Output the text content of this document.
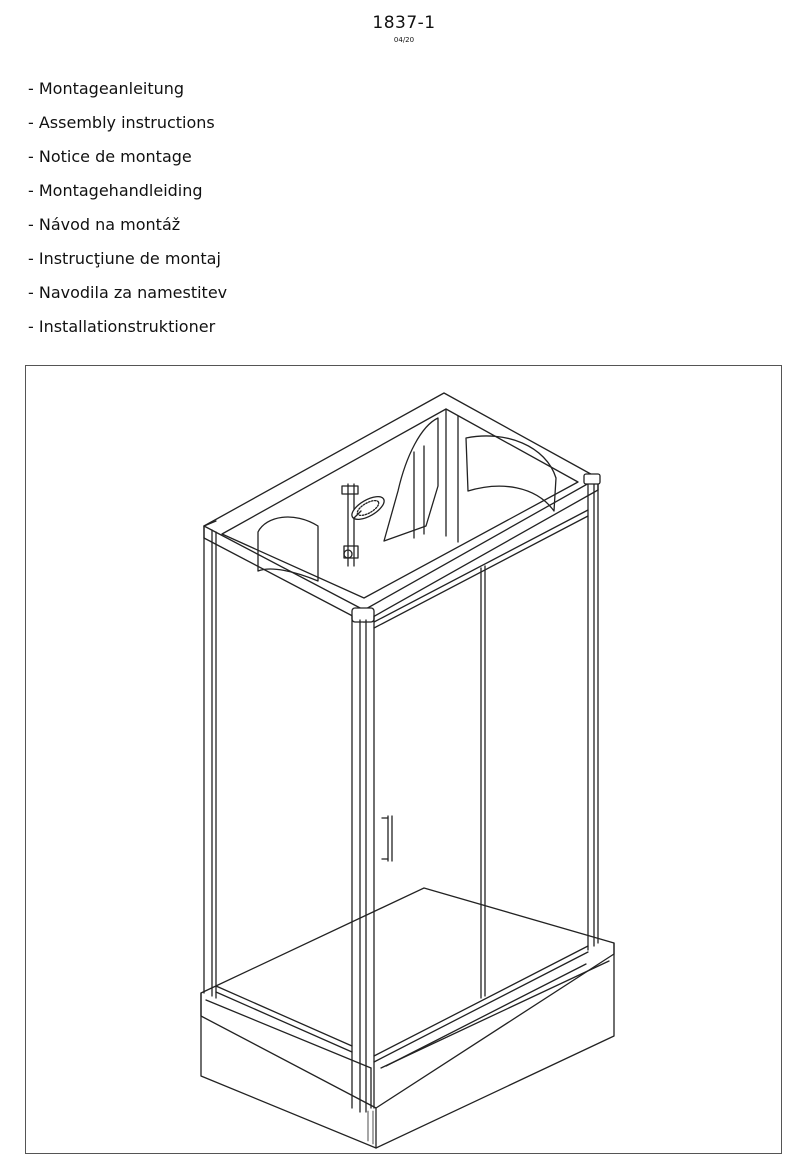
1837-1
04/20
- Montageanleitung
- Assembly instructions
- Notice de montage
- Montagehandleiding
- Návod na montáž
- Instrucţiune de montaj
- Navodila za namestitev
- Installationstruktioner
